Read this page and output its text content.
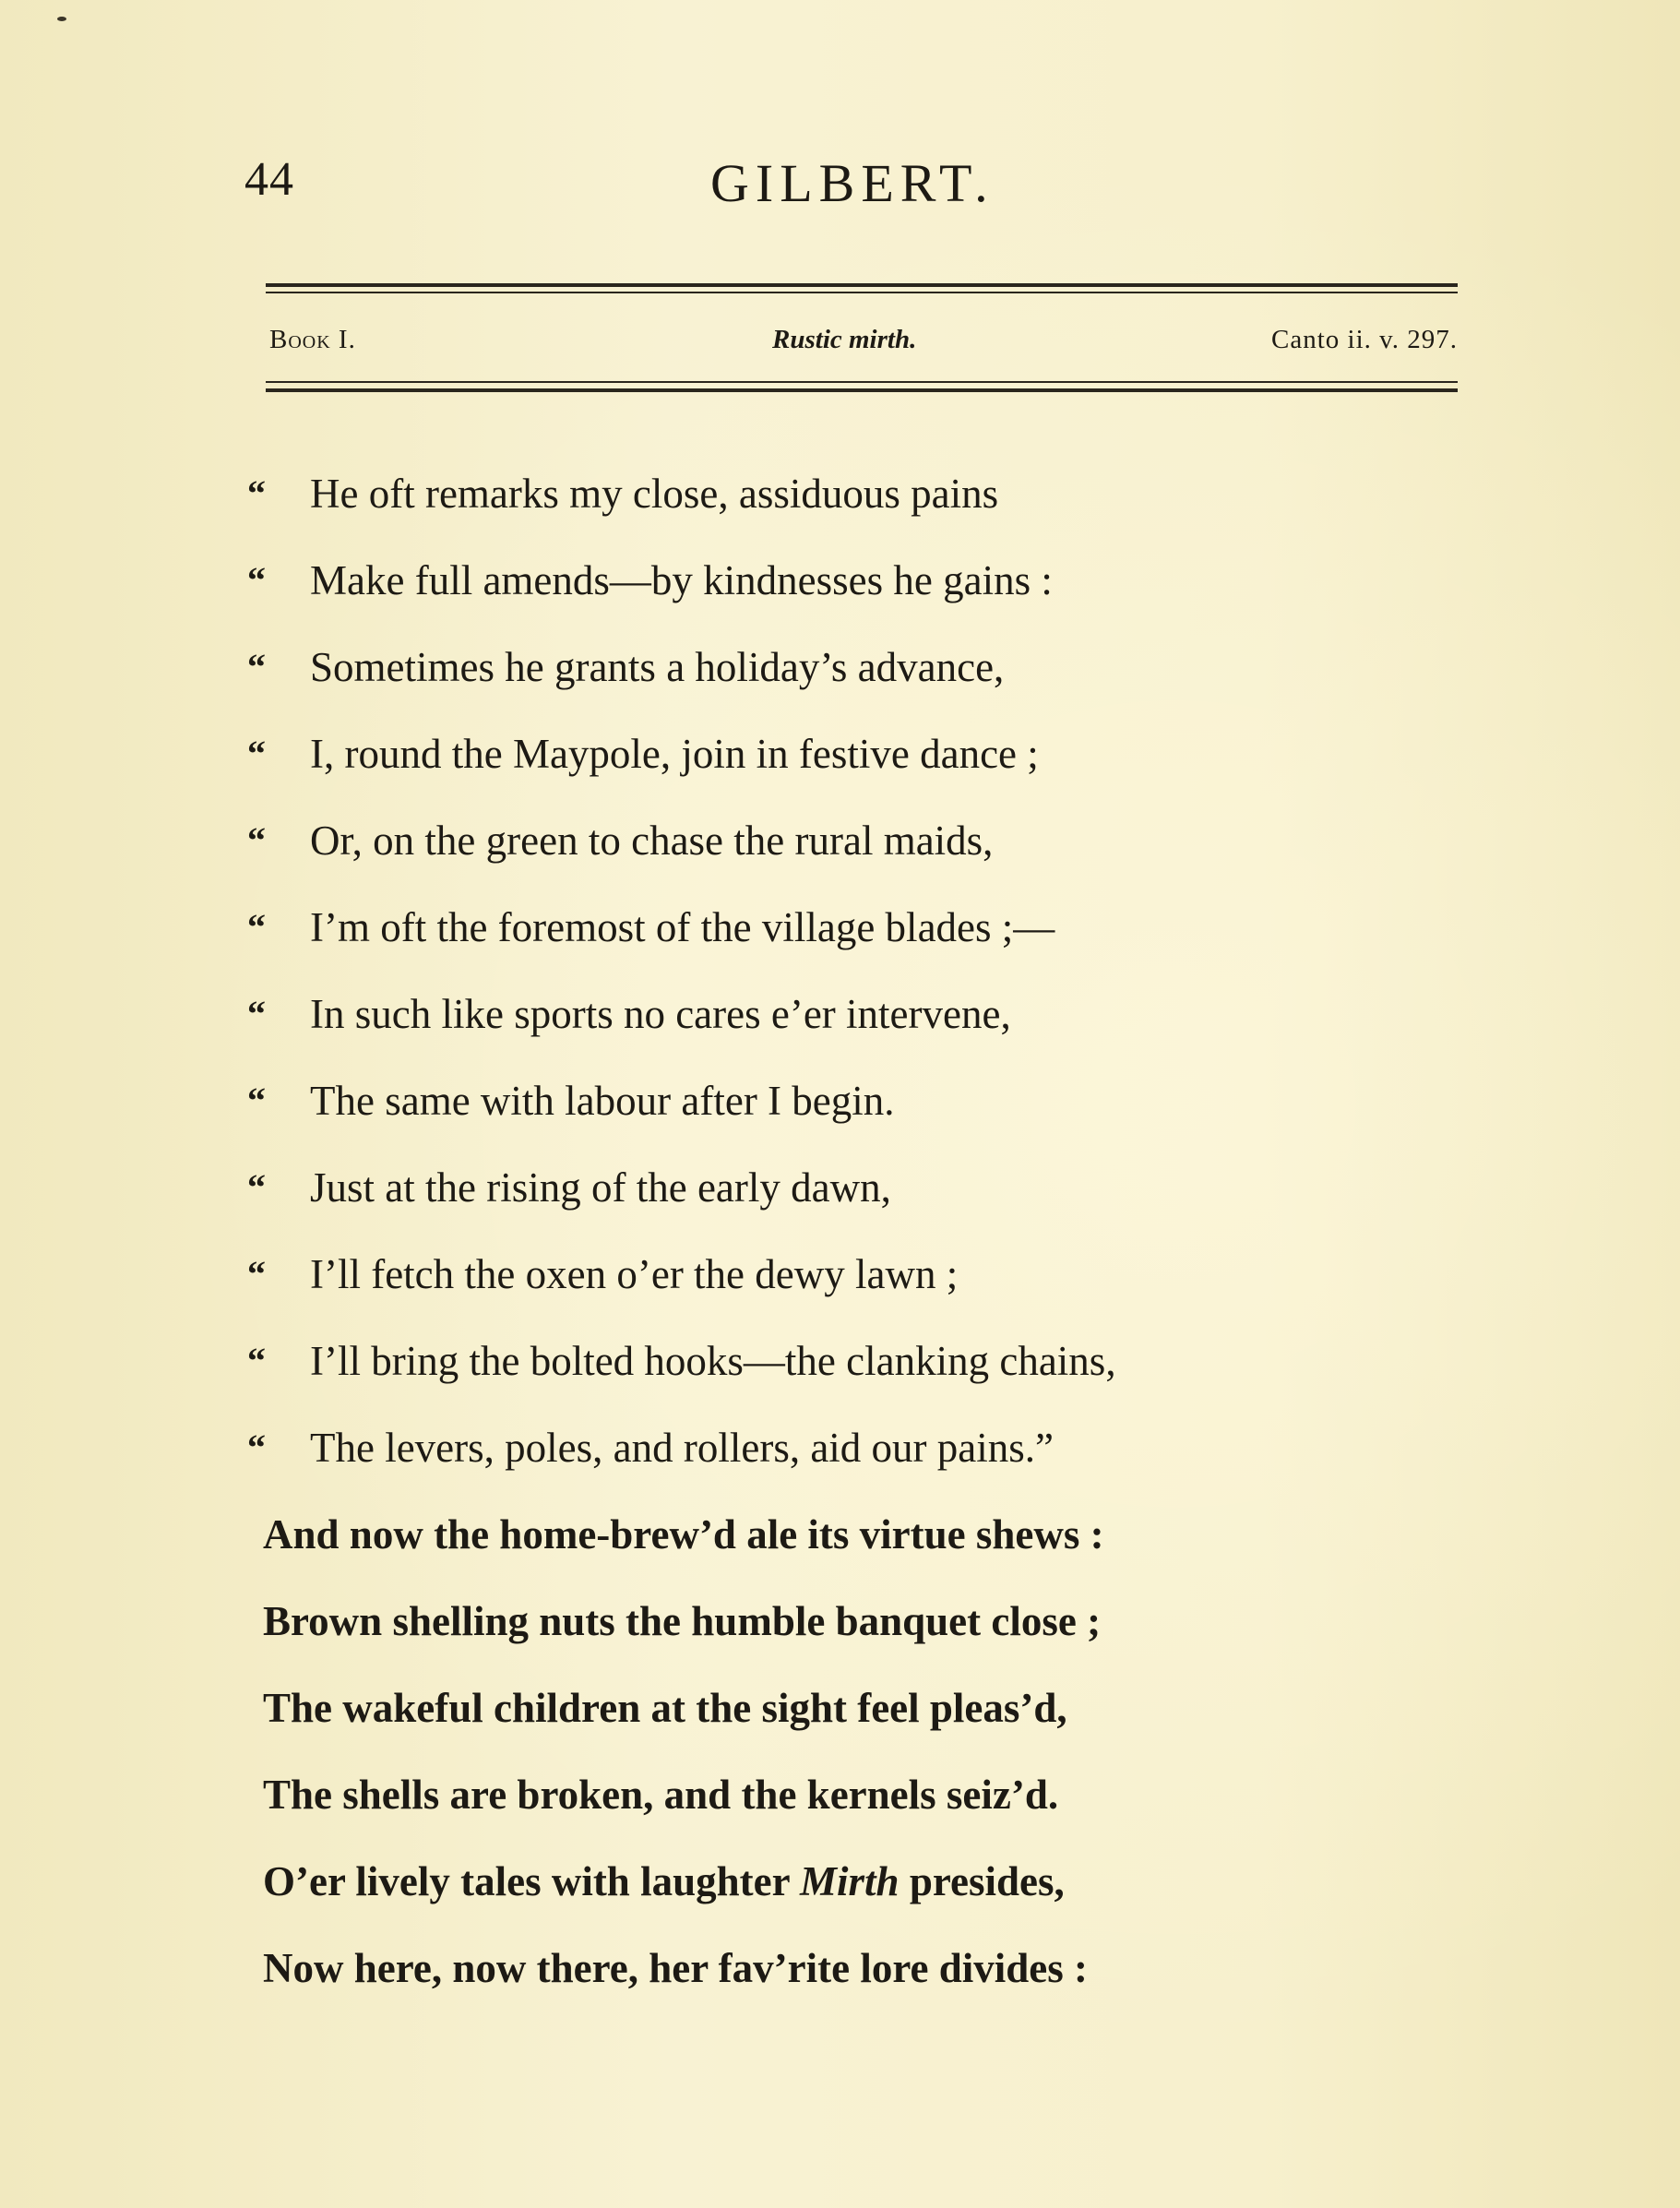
44	GILBERT.
Book I.	Rustic mirth.	Canto ii. v. 297.
“ He oft remarks my close, assiduous pains
“ Make full amends—by kindnesses he gains :
“ Sometimes he grants a holiday’s advance,
“ I, round the Maypole, join in festive dance ;
“ Or, on the green to chase the rural maids,
“ I’m oft the foremost of the village blades ;—
“ In such like sports no cares e’er intervene,
“ The same with labour after I begin.
“ Just at the rising of the early dawn,
“ I’ll fetch the oxen o’er the dewy lawn ;
“ I’ll bring the bolted hooks—the clanking chains,
“ The levers, poles, and rollers, aid our pains.”
And now the home-brew’d ale its virtue shews :
Brown shelling nuts the humble banquet close ;
The wakeful children at the sight feel pleas’d,
The shells are broken, and the kernels seiz’d.
O’er lively tales with laughter Mirth presides,
Now here, now there, her fav’rite lore divides :
